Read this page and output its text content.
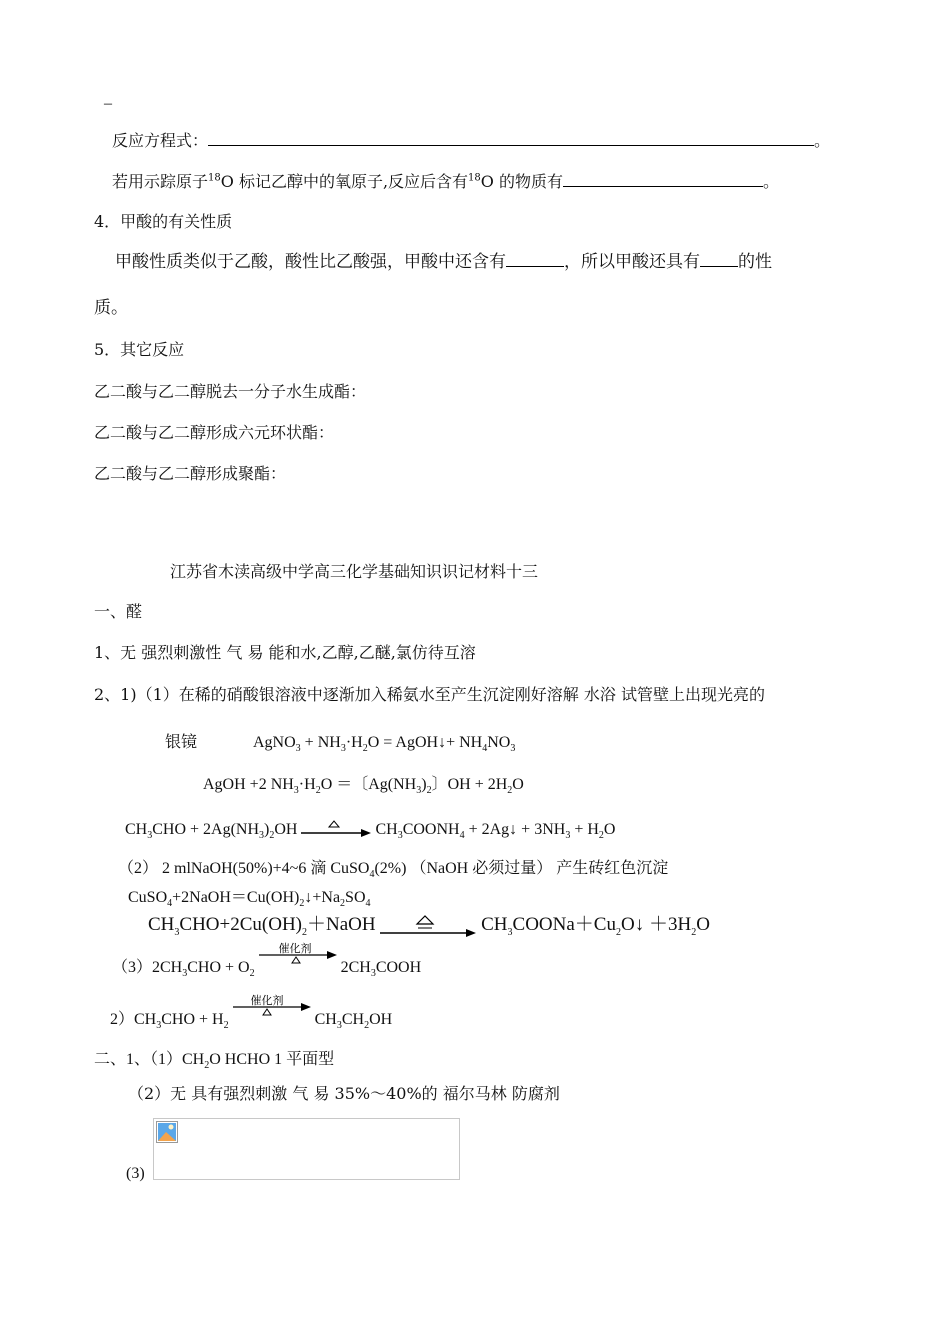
–
反应方程式：	。
若用示踪原子$^{18}$O 标记乙醇中的氧原子,反应后含有$^{18}$O 的物质有	。
4．甲酸的有关性质
甲酸性质类似于乙酸，酸性比乙酸强，甲酸中还含有	，所以甲酸还具有 的性
质。
5．其它反应
乙二酸与乙二醇脱去一分子水生成酯：
乙二酸与乙二醇形成六元环状酯：
乙二酸与乙二醇形成聚酯：
江苏省木渎高级中学高三化学基础知识识记材料十三
一、醛
1、无 强烈刺激性 气 易 能和水,乙醇,乙醚,氯仿待互溶
2、1)（1）在稀的硝酸银溶液中逐渐加入稀氨水至产生沉淀刚好溶解 水浴 试管壁上出现光亮的
银镜	AgNO$_3$ + $NH_3\cdot H_2O$ = AgOH↓+ $NH_4NO_3$
AgOH +2 $NH_3\cdot H_2O$ ＝〔$Ag(NH_3)_2$〕OH + $2H_2O$
$CH_3CHO + 2Ag(NH_3)_2OH$	$CH_3COONH_4$ + 2Ag↓ + $3NH_3 + H_2O$
（2） 2 mlNaOH(50%)+4~6 滴 CuSO$_4$(2%) （NaOH 必须过量） 产生砖红色沉淀
$CuSO_4+2NaOH=Cu(OH)_2↓+Na_2SO_4$
$CH_3CHO+2Cu(OH)_2+NaOH$	$CH_3COONa+Cu_2O↓ +3H_2O$
$(3)2CH_3CHO + O_2$
催化剂
$2CH_3COOH$
$2)CH_3CHO + H_2$
催化剂
$CH_3CH_2OH$
二、1、$(1)CH_2O$ HCHO 1 平面型
（2）无 具有强烈刺激 气 易 35%～40%的 福尔马林 防腐剂
(3)
